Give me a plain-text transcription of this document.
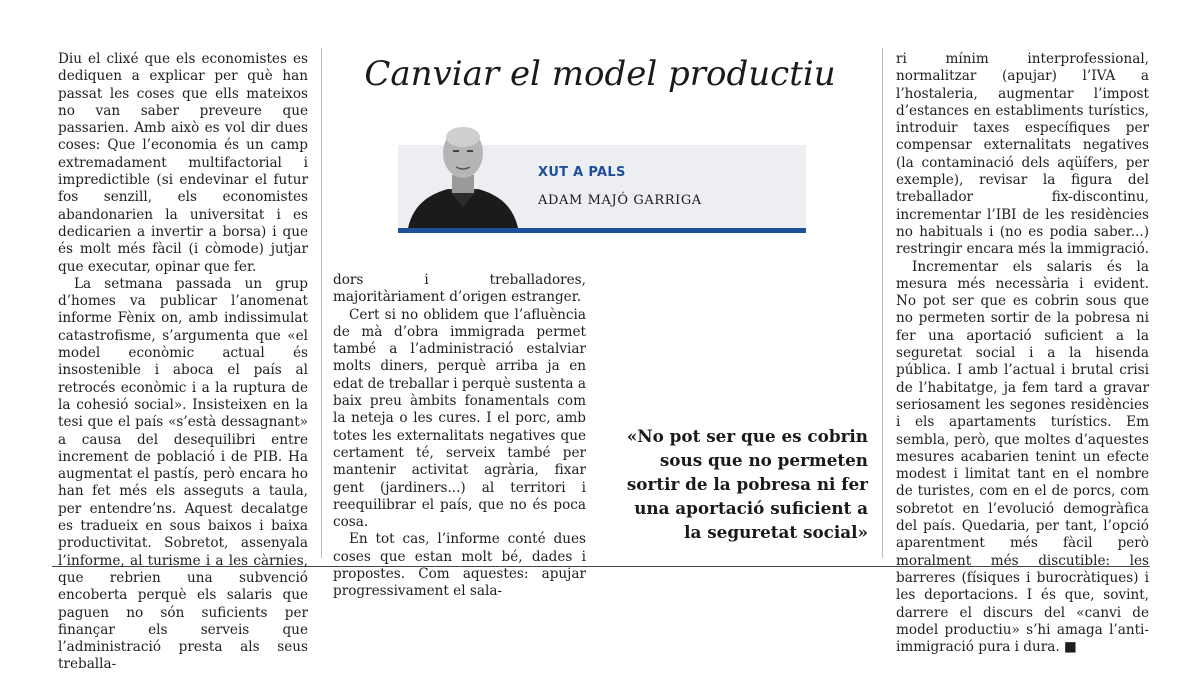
Diu el clixé que els economistes es dediquen a explicar per què han passat les coses que ells mateixos no van saber preveure que passarien. Amb això es vol dir dues coses: Que l’economia és un camp extremadament multifactorial i impredictible (si endevinar el futur fos senzill, els economistes abandonarien la universitat i es dedicarien a invertir a borsa) i que és molt més fàcil (i còmode) jutjar que executar, opinar que fer.

La setmana passada un grup d’homes va publicar l’anomenat informe Fènix on, amb indissimulat catastrofisme, s’argumenta que «el model econòmic actual és insostenible i aboca el país al retrocés econòmic i a la ruptura de la cohesió social». Insisteixen en la tesi que el país «s’està dessagnant» a causa del desequilibri entre increment de població i de PIB. Ha augmentat el pastís, però encara ho han fet més els asseguts a taula, per entendre’ns. Aquest decalatge es tradueix en sous baixos i baixa productivitat. Sobretot, assenyala l’informe, al turisme i a les càrnies, que rebrien una subvenció encoberta perquè els salaris que paguen no són suficients per finançar els serveis que l’administració presta als seus treballa-

Canviar el model productiu
XUT A PALS
ADAM MAJÓ GARRIGA

dors i treballadores, majoritàriament d’origen estranger.

Cert si no oblidem que l’afluència de mà d’obra immigrada permet també a l’administració estalviar molts diners, perquè arriba ja en edat de treballar i perquè sustenta a baix preu àmbits fonamentals com la neteja o les cures. I el porc, amb totes les externalitats negatives que certament té, serveix també per mantenir activitat agrària, fixar gent (jardiners...) al territori i reequilibrar el país, que no és poca cosa.

En tot cas, l’informe conté dues coses que estan molt bé, dades i propostes. Com aquestes: apujar progressivament el sala-

«No pot ser que es cobrin sous que no permeten sortir de la pobresa ni fer una aportació suficient a la seguretat social»

ri mínim interprofessional, normalitzar (apujar) l’IVA a l’hostaleria, augmentar l’impost d’estances en establiments turístics, introduir taxes específiques per compensar externalitats negatives (la contaminació dels aqüífers, per exemple), revisar la figura del treballador fix-discontinu, incrementar l’IBI de les residències no habituals i (no es podia saber...) restringir encara més la immigració.

Incrementar els salaris és la mesura més necessària i evident. No pot ser que es cobrin sous que no permeten sortir de la pobresa ni fer una aportació suficient a la seguretat social i a la hisenda pública. I amb l’actual i brutal crisi de l’habitatge, ja fem tard a gravar seriosament les segones residències i els apartaments turístics. Em sembla, però, que moltes d’aquestes mesures acabarien tenint un efecte modest i limitat tant en el nombre de turistes, com en el de porcs, com sobretot en l’evolució demogràfica del país. Quedaria, per tant, l’opció aparentment més fàcil però moralment més discutible: les barreres (físiques i burocràtiques) i les deportacions. I és que, sovint, darrere el discurs del «canvi de model productiu» s’hi amaga l’anti-immigració pura i dura. ■
